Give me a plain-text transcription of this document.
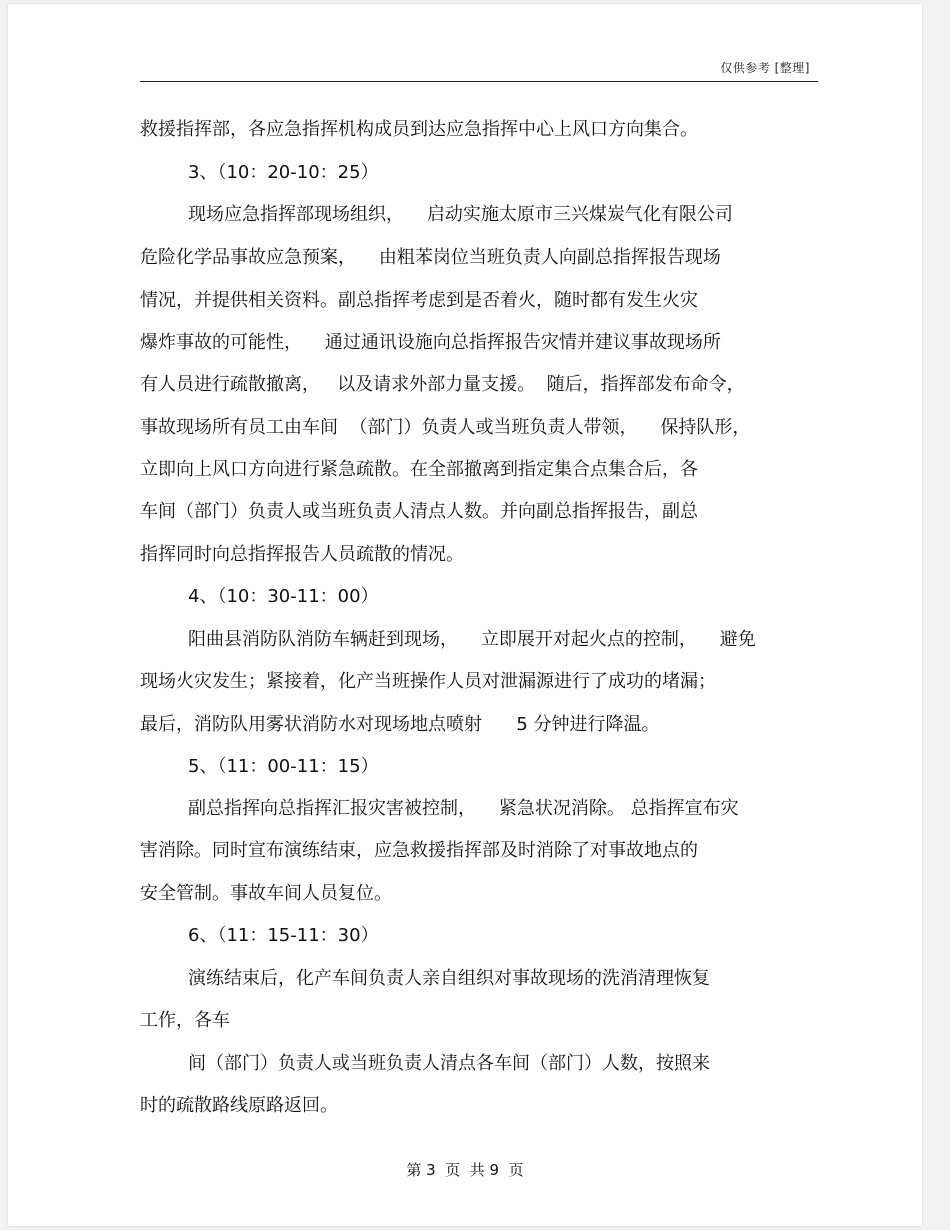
仅供参考 [整理]
救援指挥部，各应急指挥机构成员到达应急指挥中心上风口方向集合。
3、（10：20-10：25）
现场应急指挥部现场组织，    启动实施太原市三兴煤炭气化有限公司
危险化学品事故应急预案，    由粗苯岗位当班负责人向副总指挥报告现场
情况，并提供相关资料。副总指挥考虑到是否着火，随时都有发生火灾
爆炸事故的可能性，    通过通讯设施向总指挥报告灾情并建议事故现场所
有人员进行疏散撤离，   以及请求外部力量支援。  随后，指挥部发布命令，
事故现场所有员工由车间  （部门）负责人或当班负责人带领，    保持队形，
立即向上风口方向进行紧急疏散。在全部撤离到指定集合点集合后，各
车间（部门）负责人或当班负责人清点人数。并向副总指挥报告，副总
指挥同时向总指挥报告人员疏散的情况。
4、（10：30-11：00）
阳曲县消防队消防车辆赶到现场，    立即展开对起火点的控制，    避免
现场火灾发生；紧接着，化产当班操作人员对泄漏源进行了成功的堵漏；
最后，消防队用雾状消防水对现场地点喷射      5 分钟进行降温。
5、（11：00-11：15）
副总指挥向总指挥汇报灾害被控制，    紧急状况消除。 总指挥宣布灾
害消除。同时宣布演练结束，应急救援指挥部及时消除了对事故地点的
安全管制。事故车间人员复位。
6、（11：15-11：30）
演练结束后，化产车间负责人亲自组织对事故现场的洗消清理恢复
工作，各车
间（部门）负责人或当班负责人清点各车间（部门）人数，按照来
时的疏散路线原路返回。
第 3  页  共 9  页
